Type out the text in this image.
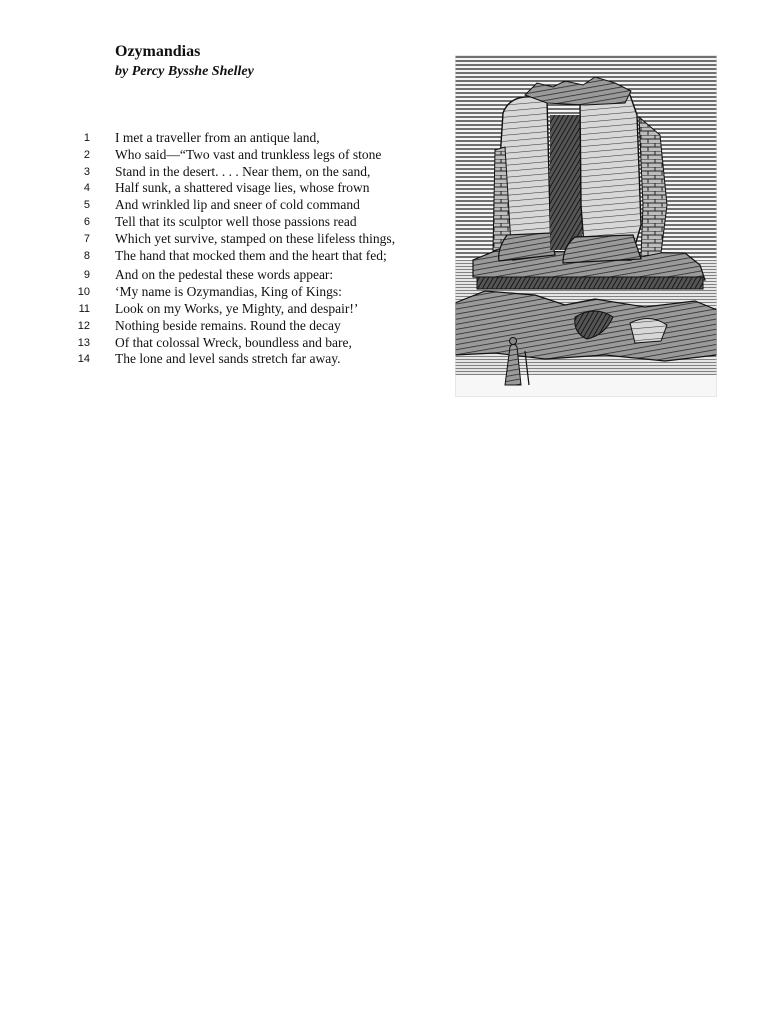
Ozymandias
by Percy Bysshe Shelley
1 I met a traveller from an antique land,
2 Who said—“Two vast and trunkless legs of stone
3 Stand in the desert. . . . Near them, on the sand,
4 Half sunk, a shattered visage lies, whose frown
5 And wrinkled lip and sneer of cold command
6 Tell that its sculptor well those passions read
7 Which yet survive, stamped on these lifeless things,
8 The hand that mocked them and the heart that fed;
9 And on the pedestal these words appear:
10 ‘My name is Ozymandias, King of Kings:
11 Look on my Works, ye Mighty, and despair!’
12 Nothing beside remains. Round the decay
13 Of that colossal Wreck, boundless and bare,
14 The lone and level sands stretch far away.
